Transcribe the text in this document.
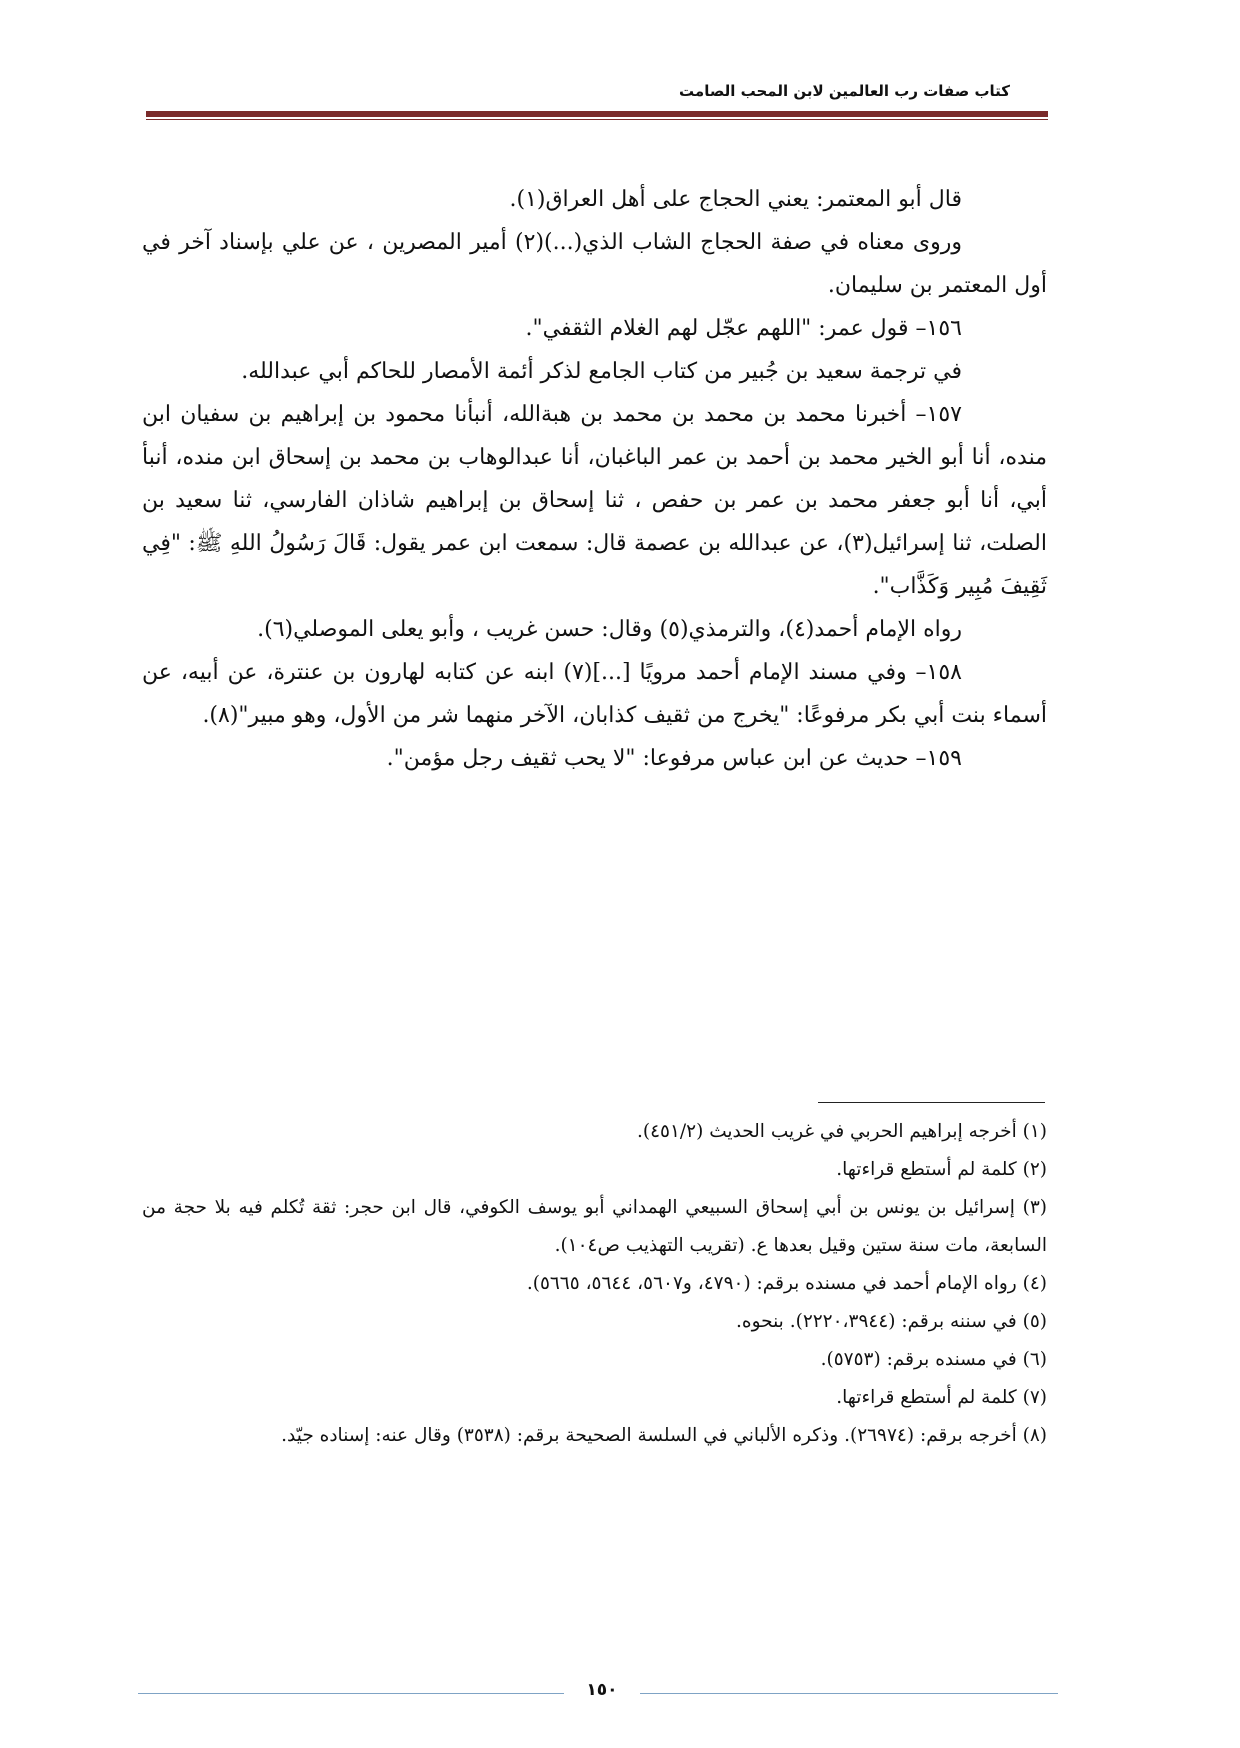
كتاب صفات رب العالمين لابن المحب الصامت

قال أبو المعتمر: يعني الحجاج على أهل العراق(١).

وروى معناه في صفة الحجاج الشاب الذي(...)(٢) أمير المصرين ، عن علي بإسناد آخر في أول المعتمر بن سليمان.

١٥٦– قول عمر: "اللهم عجّل لهم الغلام الثقفي".

في ترجمة سعيد بن جُبير من كتاب الجامع لذكر أئمة الأمصار للحاكم أبي عبدالله.

١٥٧– أخبرنا محمد بن محمد بن محمد بن هبةالله، أنبأنا محمود بن إبراهيم بن سفيان ابن منده، أنا أبو الخير محمد بن أحمد بن عمر الباغبان، أنا عبدالوهاب بن محمد بن إسحاق ابن منده، أنبأ أبي، أنا أبو جعفر محمد بن عمر بن حفص ، ثنا إسحاق بن إبراهيم شاذان الفارسي، ثنا سعيد بن الصلت، ثنا إسرائيل(٣)، عن عبدالله بن عصمة قال: سمعت ابن عمر يقول: قَالَ رَسُولُ اللهِ ﷺ: "فِي ثَقِيفَ مُبِير وَكَذَّاب".

رواه الإمام أحمد(٤)، والترمذي(٥) وقال: حسن غريب ، وأبو يعلى الموصلي(٦).

١٥٨– وفي مسند الإمام أحمد مرويًا [...](٧) ابنه عن كتابه لهارون بن عنترة، عن أبيه، عن أسماء بنت أبي بكر مرفوعًا: "يخرج من ثقيف كذابان، الآخر منهما شر من الأول، وهو مبير"(٨).

١٥٩– حديث عن ابن عباس مرفوعا: "لا يحب ثقيف رجل مؤمن".

(١) أخرجه إبراهيم الحربي في غريب الحديث (٤٥١/٢).

(٢) كلمة لم أستطع قراءتها.

(٣) إسرائيل بن يونس بن أبي إسحاق السبيعي الهمداني أبو يوسف الكوفي، قال ابن حجر: ثقة تُكلم فيه بلا حجة من السابعة، مات سنة ستين وقيل بعدها ع. (تقريب التهذيب ص١٠٤).

(٤) رواه الإمام أحمد في مسنده برقم: (٤٧٩٠، و٥٦٠٧، ٥٦٤٤، ٥٦٦٥).

(٥) في سننه برقم: (٢٢٢٠،٣٩٤٤). بنحوه.

(٦) في مسنده برقم: (٥٧٥٣).

(٧) كلمة لم أستطع قراءتها.

(٨) أخرجه برقم: (٢٦٩٧٤). وذكره الألباني في السلسة الصحيحة برقم: (٣٥٣٨) وقال عنه: إسناده جيّد.

١٥٠
